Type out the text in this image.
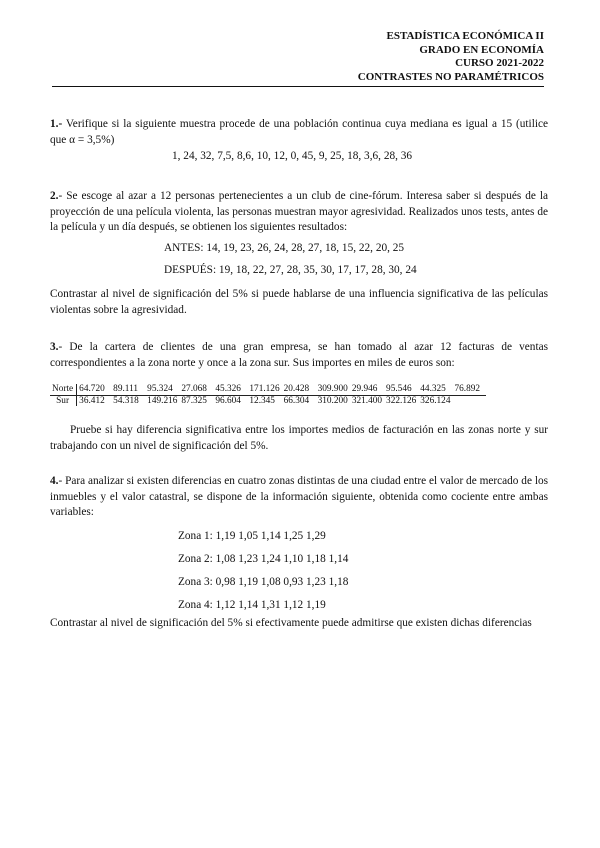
ESTADÍSTICA ECONÓMICA II
GRADO EN ECONOMÍA
CURSO 2021-2022
CONTRASTES NO PARAMÉTRICOS
1.- Verifique si la siguiente muestra procede de una población continua cuya mediana es igual a 15 (utilice que α = 3,5%)
1, 24, 32, 7,5, 8,6, 10, 12, 0, 45, 9, 25, 18, 3,6, 28, 36
2.- Se escoge al azar a 12 personas pertenecientes a un club de cine-fórum. Interesa saber si después de la proyección de una película violenta, las personas muestran mayor agresividad. Realizados unos tests, antes de la película y un día después, se obtienen los siguientes resultados:
ANTES: 14, 19, 23, 26, 24, 28, 27, 18, 15, 22, 20, 25
DESPUÉS: 19, 18, 22, 27, 28, 35, 30, 17, 17, 28, 30, 24
Contrastar al nivel de significación del 5% si puede hablarse de una influencia significativa de las películas violentas sobre la agresividad.
3.- De la cartera de clientes de una gran empresa, se han tomado al azar 12 facturas de ventas correspondientes a la zona norte y once a la zona sur. Sus importes en miles de euros son:
Norte	64.720	89.111	95.324	27.068	45.326	171.126	20.428	309.900	29.946	95.546	44.325	76.892
Sur	36.412	54.318	149.216	87.325	96.604	12.345	66.304	310.200	321.400	322.126	326.124	
Pruebe si hay diferencia significativa entre los importes medios de facturación en las zonas norte y sur trabajando con un nivel de significación del 5%.
4.- Para analizar si existen diferencias en cuatro zonas distintas de una ciudad entre el valor de mercado de los inmuebles y el valor catastral, se dispone de la información siguiente, obtenida como cociente entre ambas variables:
Zona 1: 1,19 1,05 1,14 1,25 1,29
Zona 2: 1,08 1,23 1,24 1,10 1,18 1,14
Zona 3: 0,98 1,19 1,08 0,93 1,23 1,18
Zona 4: 1,12 1,14 1,31 1,12 1,19
Contrastar al nivel de significación del 5% si efectivamente puede admitirse que existen dichas diferencias
